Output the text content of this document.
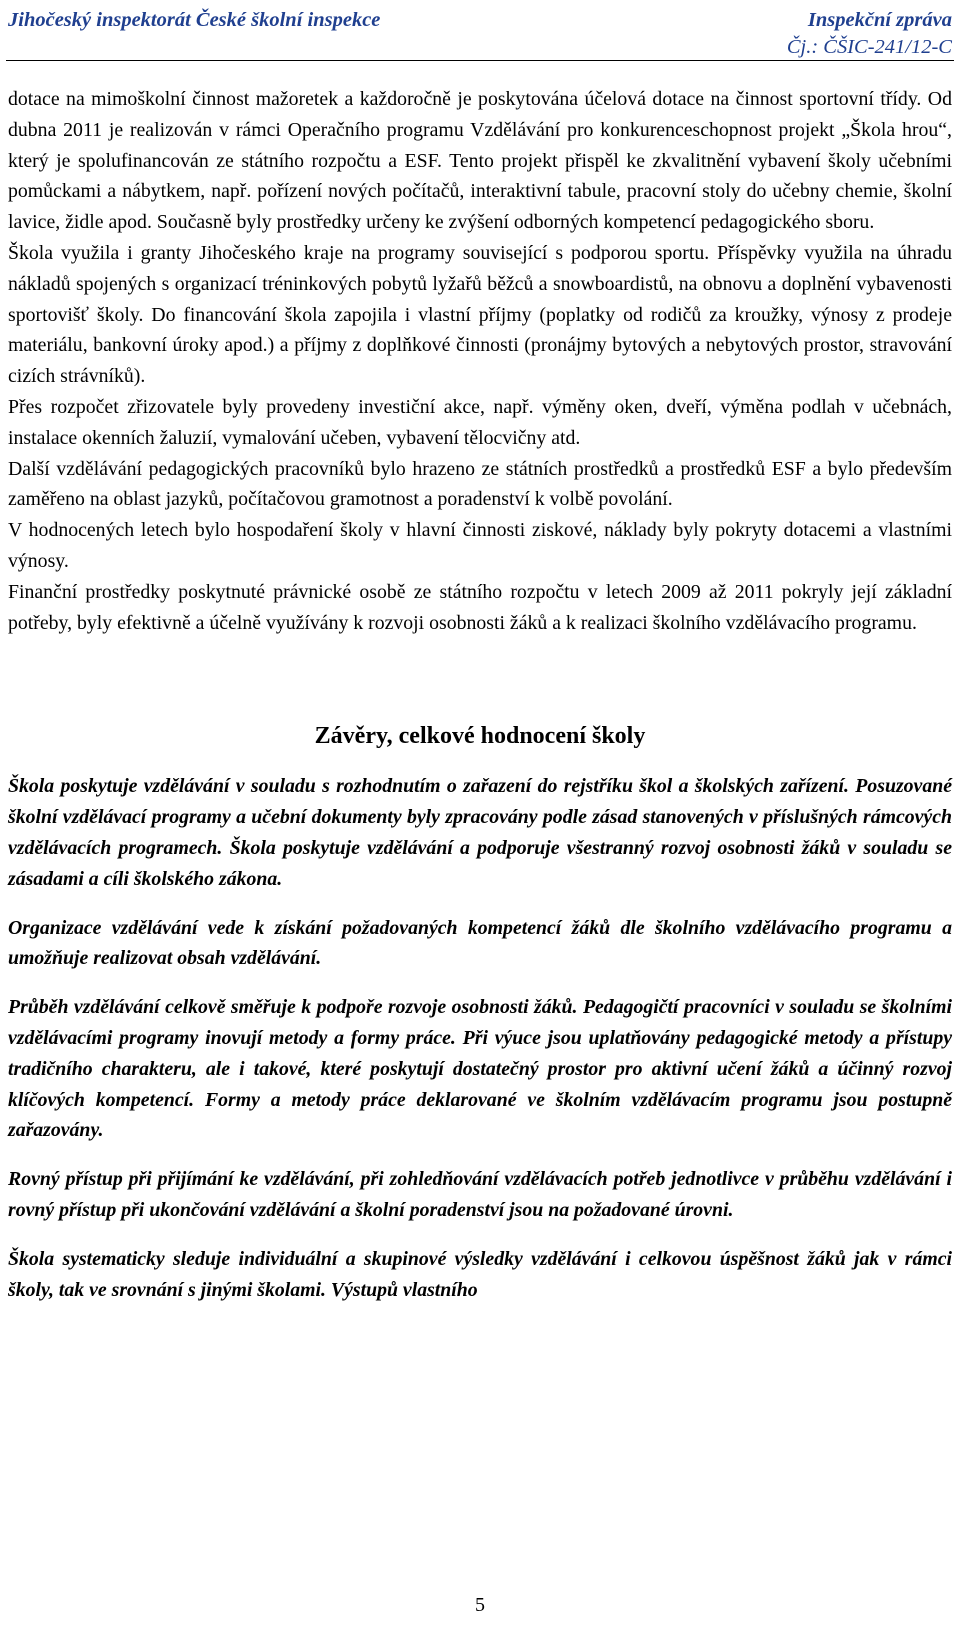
Jihočeský inspektorát České školní inspekce	Inspekční zpráva
Čj.: ČŠIC-241/12-C

dotace na mimoškolní činnost mažoretek a každoročně je poskytována účelová dotace na činnost sportovní třídy. Od dubna 2011 je realizován v rámci Operačního programu Vzdělávání pro konkurenceschopnost projekt „Škola hrou“, který je spolufinancován ze státního rozpočtu a ESF. Tento projekt přispěl ke zkvalitnění vybavení školy učebními pomůckami a nábytkem, např. pořízení nových počítačů, interaktivní tabule, pracovní stoly do učebny chemie, školní lavice, židle apod. Současně byly prostředky určeny ke zvýšení odborných kompetencí pedagogického sboru.

Škola využila i granty Jihočeského kraje na programy související s podporou sportu. Příspěvky využila na úhradu nákladů spojených s organizací tréninkových pobytů lyžařů běžců a snowboardistů, na obnovu a doplnění vybavenosti sportovišť školy. Do financování škola zapojila i vlastní příjmy (poplatky od rodičů za kroužky, výnosy z prodeje materiálu, bankovní úroky apod.) a příjmy z doplňkové činnosti (pronájmy bytových a nebytových prostor, stravování cizích strávníků).

Přes rozpočet zřizovatele byly provedeny investiční akce, např. výměny oken, dveří, výměna podlah v učebnách, instalace okenních žaluzií, vymalování učeben, vybavení tělocvičny atd.

Další vzdělávání pedagogických pracovníků bylo hrazeno ze státních prostředků a prostředků ESF a bylo především zaměřeno na oblast jazyků, počítačovou gramotnost a poradenství k volbě povolání.

V hodnocených letech bylo hospodaření školy v hlavní činnosti ziskové, náklady byly pokryty dotacemi a vlastními výnosy.

Finanční prostředky poskytnuté právnické osobě ze státního rozpočtu v letech 2009 až 2011 pokryly její základní potřeby, byly efektivně a účelně využívány k rozvoji osobnosti žáků a k realizaci školního vzdělávacího programu.

Závěry, celkové hodnocení školy

Škola poskytuje vzdělávání v souladu s rozhodnutím o zařazení do rejstříku škol a školských zařízení. Posuzované školní vzdělávací programy a učební dokumenty byly zpracovány podle zásad stanovených v příslušných rámcových vzdělávacích programech. Škola poskytuje vzdělávání a podporuje všestranný rozvoj osobnosti žáků v souladu se zásadami a cíli školského zákona.

Organizace vzdělávání vede k získání požadovaných kompetencí žáků dle školního vzdělávacího programu a umožňuje realizovat obsah vzdělávání.

Průběh vzdělávání celkově směřuje k podpoře rozvoje osobnosti žáků. Pedagogičtí pracovníci v souladu se školními vzdělávacími programy inovují metody a formy práce. Při výuce jsou uplatňovány pedagogické metody a přístupy tradičního charakteru, ale i takové, které poskytují dostatečný prostor pro aktivní učení žáků a účinný rozvoj klíčových kompetencí. Formy a metody práce deklarované ve školním vzdělávacím programu jsou postupně zařazovány.

Rovný přístup při přijímání ke vzdělávání, při zohledňování vzdělávacích potřeb jednotlivce v průběhu vzdělávání i rovný přístup při ukončování vzdělávání a školní poradenství jsou na požadované úrovni.

Škola systematicky sleduje individuální a skupinové výsledky vzdělávání i celkovou úspěšnost žáků jak v rámci školy, tak ve srovnání s jinými školami. Výstupů vlastního

5
